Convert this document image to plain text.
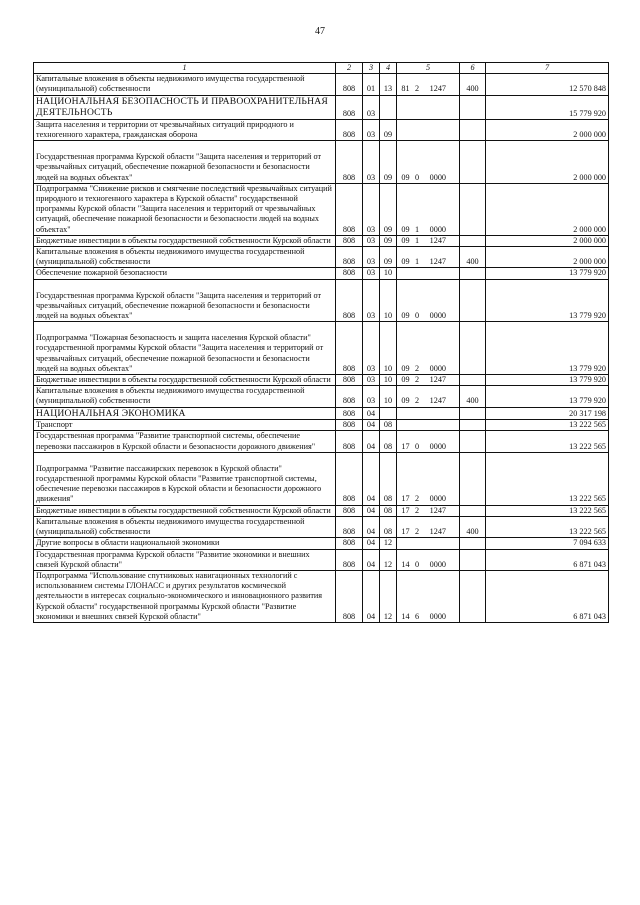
47
1	2	3	4	5	6	7
Капитальные вложения в объекты недвижимого имущества государственной (муниципальной) собственности	808	01	13	81 2 1247	400	12 570 848
НАЦИОНАЛЬНАЯ БЕЗОПАСНОСТЬ И ПРАВООХРАНИТЕЛЬНАЯ ДЕЯТЕЛЬНОСТЬ	808	03				15 779 920
Защита населения и территории от чрезвычайных ситуаций природного и техногенного характера, гражданская оборона	808	03	09			2 000 000

Государственная программа Курской области "Защита населения и территорий от чрезвычайных ситуаций, обеспечение пожарной безопасности и безопасности людей на водных объектах"	808	03	09	09 0 0000		2 000 000
Подпрограмма "Снижение рисков и смягчение последствий чрезвычайных ситуаций природного и техногенного характера в Курской области" государственной программы Курской области "Защита населения и территорий от чрезвычайных ситуаций, обеспечение пожарной безопасности и безопасности людей на водных объектах"	808	03	09	09 1 0000		2 000 000
Бюджетные инвестиции в объекты государственной собственности Курской области	808	03	09	09 1 1247		2 000 000
Капитальные вложения в объекты недвижимого имущества государственной (муниципальной) собственности	808	03	09	09 1 1247	400	2 000 000
Обеспечение пожарной безопасности	808	03	10			13 779 920

Государственная программа Курской области "Защита населения и территорий от чрезвычайных ситуаций, обеспечение пожарной безопасности и безопасности людей на водных объектах"	808	03	10	09 0 0000		13 779 920

Подпрограмма "Пожарная безопасность и защита населения Курской области" государственной программы Курской области "Защита населения и территорий от чрезвычайных ситуаций, обеспечение пожарной безопасности и безопасности людей на водных объектах"	808	03	10	09 2 0000		13 779 920
Бюджетные инвестиции в объекты государственной собственности Курской области	808	03	10	09 2 1247		13 779 920
Капитальные вложения в объекты недвижимого имущества государственной (муниципальной) собственности	808	03	10	09 2 1247	400	13 779 920
НАЦИОНАЛЬНАЯ ЭКОНОМИКА	808	04				20 317 198
Транспорт	808	04	08			13 222 565
Государственная программа "Развитие транспортной системы, обеспечение перевозки пассажиров в Курской области и безопасности дорожного движения"	808	04	08	17 0 0000		13 222 565

Подпрограмма "Развитие пассажирских перевозок в Курской области" государственной программы Курской области "Развитие транспортной системы, обеспечение перевозки пассажиров в Курской области и безопасности дорожного движения"	808	04	08	17 2 0000		13 222 565
Бюджетные инвестиции в объекты государственной собственности Курской области	808	04	08	17 2 1247		13 222 565
Капитальные вложения в объекты недвижимого имущества государственной (муниципальной) собственности	808	04	08	17 2 1247	400	13 222 565
Другие вопросы в области национальной экономики	808	04	12			7 094 633
Государственная программа Курской области "Развитие экономики и внешних связей Курской области"	808	04	12	14 0 0000		6 871 043
Подпрограмма "Использование спутниковых навигационных технологий с использованием системы ГЛОНАСС и других результатов космической деятельности в интересах социально-экономического и инновационного развития Курской области" государственной программы Курской области "Развитие экономики и внешних связей Курской области"	808	04	12	14 6 0000		6 871 043
